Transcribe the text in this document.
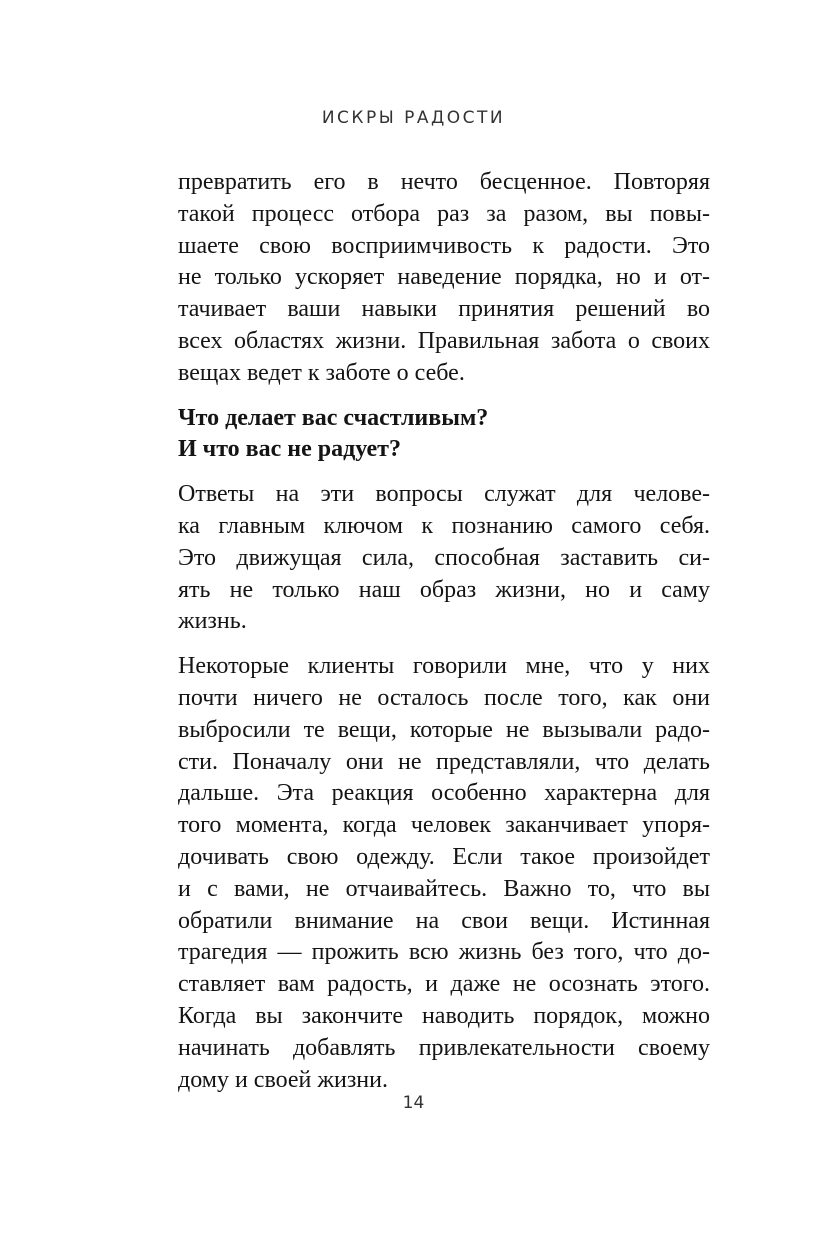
ИСКРЫ РАДОСТИ
превратить его в нечто бесценное. Повторяя
такой процесс отбора раз за разом, вы повы-
шаете свою восприимчивость к радости. Это
не только ускоряет наведение порядка, но и от-
тачивает ваши навыки принятия решений во
всех областях жизни. Правильная забота о своих
вещах ведет к заботе о себе.
Что делает вас счастливым?
И что вас не радует?
Ответы на эти вопросы служат для челове-
ка главным ключом к познанию самого себя.
Это движущая сила, способная заставить си-
ять не только наш образ жизни, но и саму
жизнь.
Некоторые клиенты говорили мне, что у них
почти ничего не осталось после того, как они
выбросили те вещи, которые не вызывали радо-
сти. Поначалу они не представляли, что делать
дальше. Эта реакция особенно характерна для
того момента, когда человек заканчивает упоря-
дочивать свою одежду. Если такое произойдет
и с вами, не отчаивайтесь. Важно то, что вы
обратили внимание на свои вещи. Истинная
трагедия — прожить всю жизнь без того, что до-
ставляет вам радость, и даже не осознать этого.
Когда вы закончите наводить порядок, можно
начинать добавлять привлекательности своему
дому и своей жизни.
14
